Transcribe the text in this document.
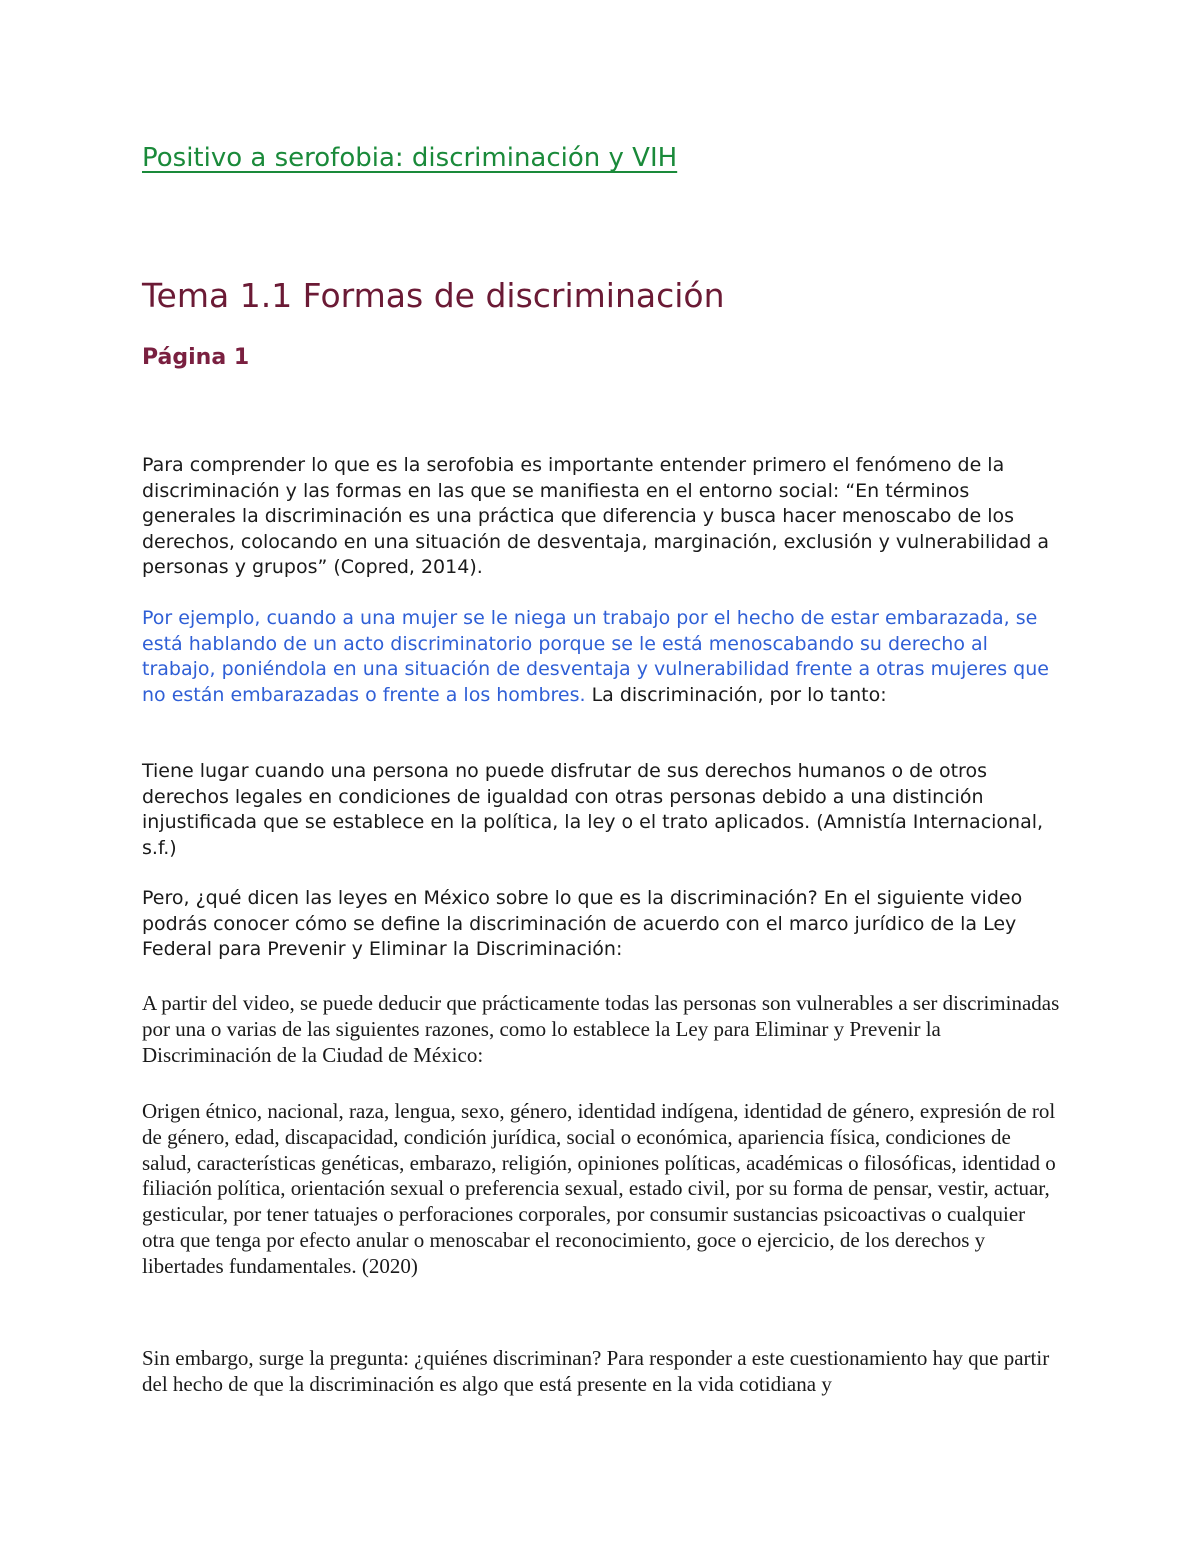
Positivo a serofobia: discriminación y VIH
Tema 1.1 Formas de discriminación
Página 1

Para comprender lo que es la serofobia es importante entender primero el fenómeno de la discriminación y las formas en las que se manifiesta en el entorno social: “En términos generales la discriminación es una práctica que diferencia y busca hacer menoscabo de los derechos, colocando en una situación de desventaja, marginación, exclusión y vulnerabilidad a personas y grupos” (Copred, 2014).

Por ejemplo, cuando a una mujer se le niega un trabajo por el hecho de estar embarazada, se está hablando de un acto discriminatorio porque se le está menoscabando su derecho al trabajo, poniéndola en una situación de desventaja y vulnerabilidad frente a otras mujeres que no están embarazadas o frente a los hombres. La discriminación, por lo tanto:

Tiene lugar cuando una persona no puede disfrutar de sus derechos humanos o de otros derechos legales en condiciones de igualdad con otras personas debido a una distinción injustificada que se establece en la política, la ley o el trato aplicados. (Amnistía Internacional, s.f.)

Pero, ¿qué dicen las leyes en México sobre lo que es la discriminación? En el siguiente video podrás conocer cómo se define la discriminación de acuerdo con el marco jurídico de la Ley Federal para Prevenir y Eliminar la Discriminación:

A partir del video, se puede deducir que prácticamente todas las personas son vulnerables a ser discriminadas por una o varias de las siguientes razones, como lo establece la Ley para Eliminar y Prevenir la Discriminación de la Ciudad de México:

Origen étnico, nacional, raza, lengua, sexo, género, identidad indígena, identidad de género, expresión de rol de género, edad, discapacidad, condición jurídica, social o económica, apariencia física, condiciones de salud, características genéticas, embarazo, religión, opiniones políticas, académicas o filosóficas, identidad o filiación política, orientación sexual o preferencia sexual, estado civil, por su forma de pensar, vestir, actuar, gesticular, por tener tatuajes o perforaciones corporales, por consumir sustancias psicoactivas o cualquier otra que tenga por efecto anular o menoscabar el reconocimiento, goce o ejercicio, de los derechos y libertades fundamentales. (2020)

Sin embargo, surge la pregunta: ¿quiénes discriminan? Para responder a este cuestionamiento hay que partir del hecho de que la discriminación es algo que está presente en la vida cotidiana y
